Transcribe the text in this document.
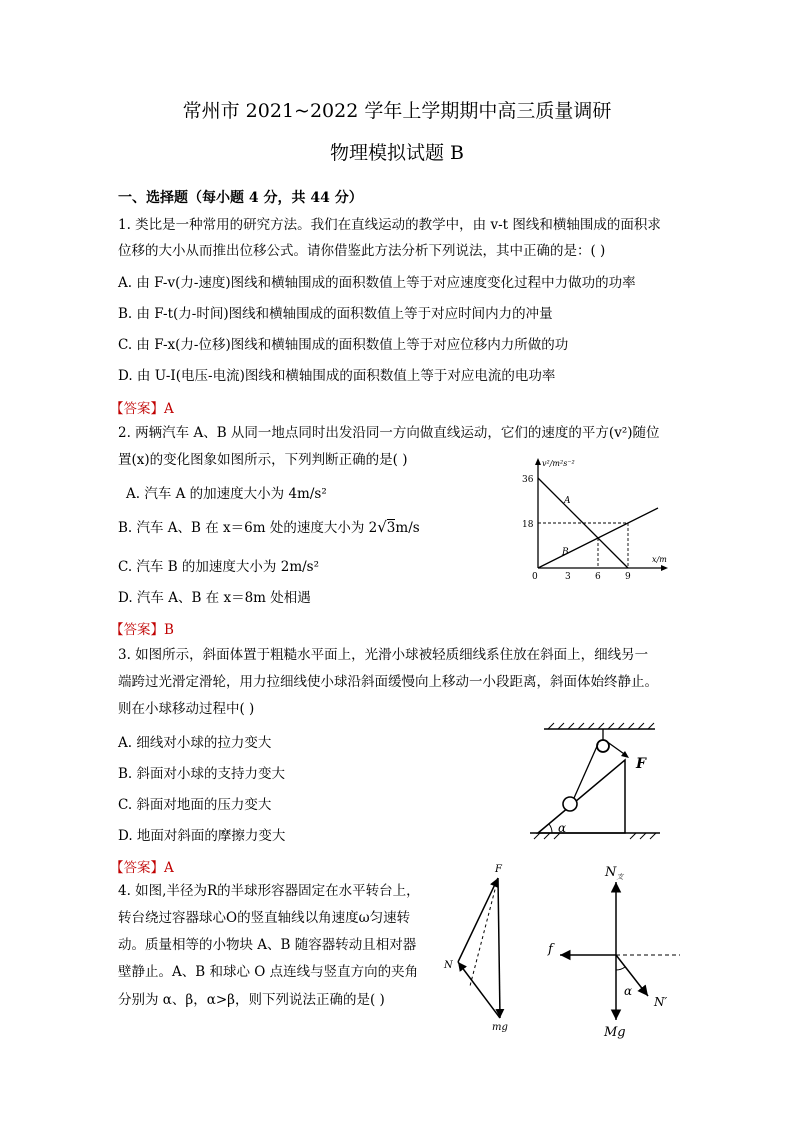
常州市 2021~2022 学年上学期期中高三质量调研
物理模拟试题 B
一、选择题（每小题 4 分，共 44 分）
1. 类比是一种常用的研究方法。我们在直线运动的教学中，由 v-t 图线和横轴围成的面积求
位移的大小从而推出位移公式。请你借鉴此方法分析下列说法，其中正确的是：( )
A. 由 F-v(力-速度)图线和横轴围成的面积数值上等于对应速度变化过程中力做功的功率
B. 由 F-t(力-时间)图线和横轴围成的面积数值上等于对应时间内力的冲量
C. 由 F-x(力-位移)图线和横轴围成的面积数值上等于对应位移内力所做的功
D. 由 U-I(电压-电流)图线和横轴围成的面积数值上等于对应电流的电功率
【答案】A
2. 两辆汽车 A、B 从同一地点同时出发沿同一方向做直线运动，它们的速度的平方(v²)随位
置(x)的变化图象如图所示，下列判断正确的是( )
A. 汽车 A 的加速度大小为 4m/s²
B. 汽车 A、B 在 x＝6m 处的速度大小为 2√3m/s
C. 汽车 B 的加速度大小为 2m/s²
D. 汽车 A、B 在 x＝8m 处相遇
【答案】B
v²/m²s⁻²
x/m
0	3	6	9
18
36
A
B
3. 如图所示，斜面体置于粗糙水平面上，光滑小球被轻质细线系住放在斜面上，细线另一
端跨过光滑定滑轮，用力拉细线使小球沿斜面缓慢向上移动一小段距离，斜面体始终静止。
则在小球移动过程中( )
A. 细线对小球的拉力变大
B. 斜面对小球的支持力变大
C. 斜面对地面的压力变大
D. 地面对斜面的摩擦力变大
【答案】A
F
α
4. 如图,半径为R的半球形容器固定在水平转台上，
转台绕过容器球心O的竖直轴线以角速度ω匀速转
动。质量相等的小物块 A、B 随容器转动且相对器
壁静止。A、B 和球心 O 点连线与竖直方向的夹角
分别为 α、β，α>β，则下列说法正确的是( )
F
N
mg
$N_支$
f
Mg
α
N′
